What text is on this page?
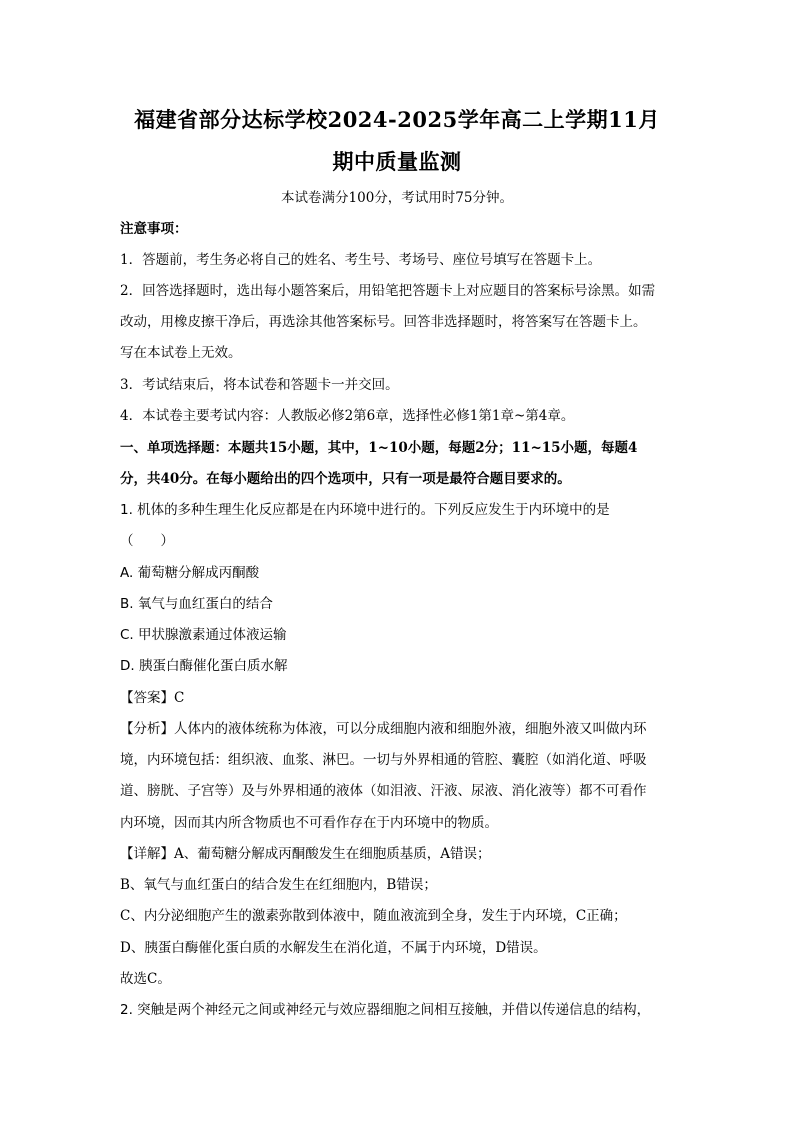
福建省部分达标学校2024-2025学年高二上学期11月
期中质量监测
本试卷满分100分，考试用时75分钟。
注意事项：
1．答题前，考生务必将自己的姓名、考生号、考场号、座位号填写在答题卡上。
2．回答选择题时，选出每小题答案后，用铅笔把答题卡上对应题目的答案标号涂黑。如需
改动，用橡皮擦干净后，再选涂其他答案标号。回答非选择题时，将答案写在答题卡上。
写在本试卷上无效。
3．考试结束后，将本试卷和答题卡一并交回。
4．本试卷主要考试内容：人教版必修2第6章，选择性必修1第1章~第4章。
一、单项选择题：本题共15小题，其中，1~10小题，每题2分；11~15小题，每题4
分，共40分。在每小题给出的四个选项中，只有一项是最符合题目要求的。
1. 机体的多种生理生化反应都是在内环境中进行的。下列反应发生于内环境中的是
（　　）
A. 葡萄糖分解成丙酮酸
B. 氧气与血红蛋白的结合
C. 甲状腺激素通过体液运输
D. 胰蛋白酶催化蛋白质水解
【答案】C
【分析】人体内的液体统称为体液，可以分成细胞内液和细胞外液，细胞外液又叫做内环
境，内环境包括：组织液、血浆、淋巴。一切与外界相通的管腔、囊腔（如消化道、呼吸
道、膀胱、子宫等）及与外界相通的液体（如泪液、汗液、尿液、消化液等）都不可看作
内环境，因而其内所含物质也不可看作存在于内环境中的物质。
【详解】A、葡萄糖分解成丙酮酸发生在细胞质基质，A错误；
B、氧气与血红蛋白的结合发生在红细胞内，B错误；
C、内分泌细胞产生的激素弥散到体液中，随血液流到全身，发生于内环境，C正确；
D、胰蛋白酶催化蛋白质的水解发生在消化道，不属于内环境，D错误。
故选C。
2. 突触是两个神经元之间或神经元与效应器细胞之间相互接触，并借以传递信息的结构，
